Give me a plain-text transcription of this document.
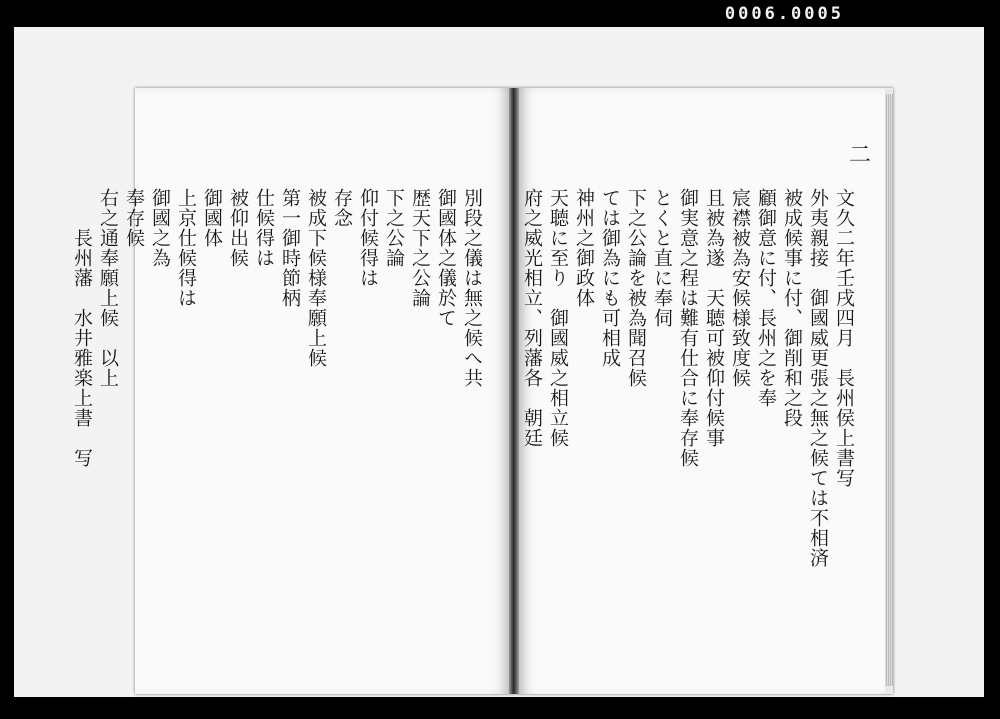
0006.0005
別段之儀は無之候へ共
御國体之儀於て
歴天下之公論
下之公論
仰付候得は
存念
被成下候様奉願上候
第一御時節柄
仕候得は
被仰出候
御國体
上京仕候得は
御國之為
奉存候
右之通奉願上候　以上
長州藩　水井雅楽上書　写
二
文久二年壬戌四月　長州侯上書写
外夷親接　御國威更張之無之候ては不相済
被成候事に付、御削和之段
顧御意に付、長州之を奉
宸襟被為安候様致度候
且被為遂　天聴可被仰付候事
御実意之程は難有仕合に奉存候
とくと直に奉伺
下之公論を被為聞召候
ては御為にも可相成
神州之御政体
天聴に至り　御國威之相立候
府之威光相立、列藩各　朝廷
